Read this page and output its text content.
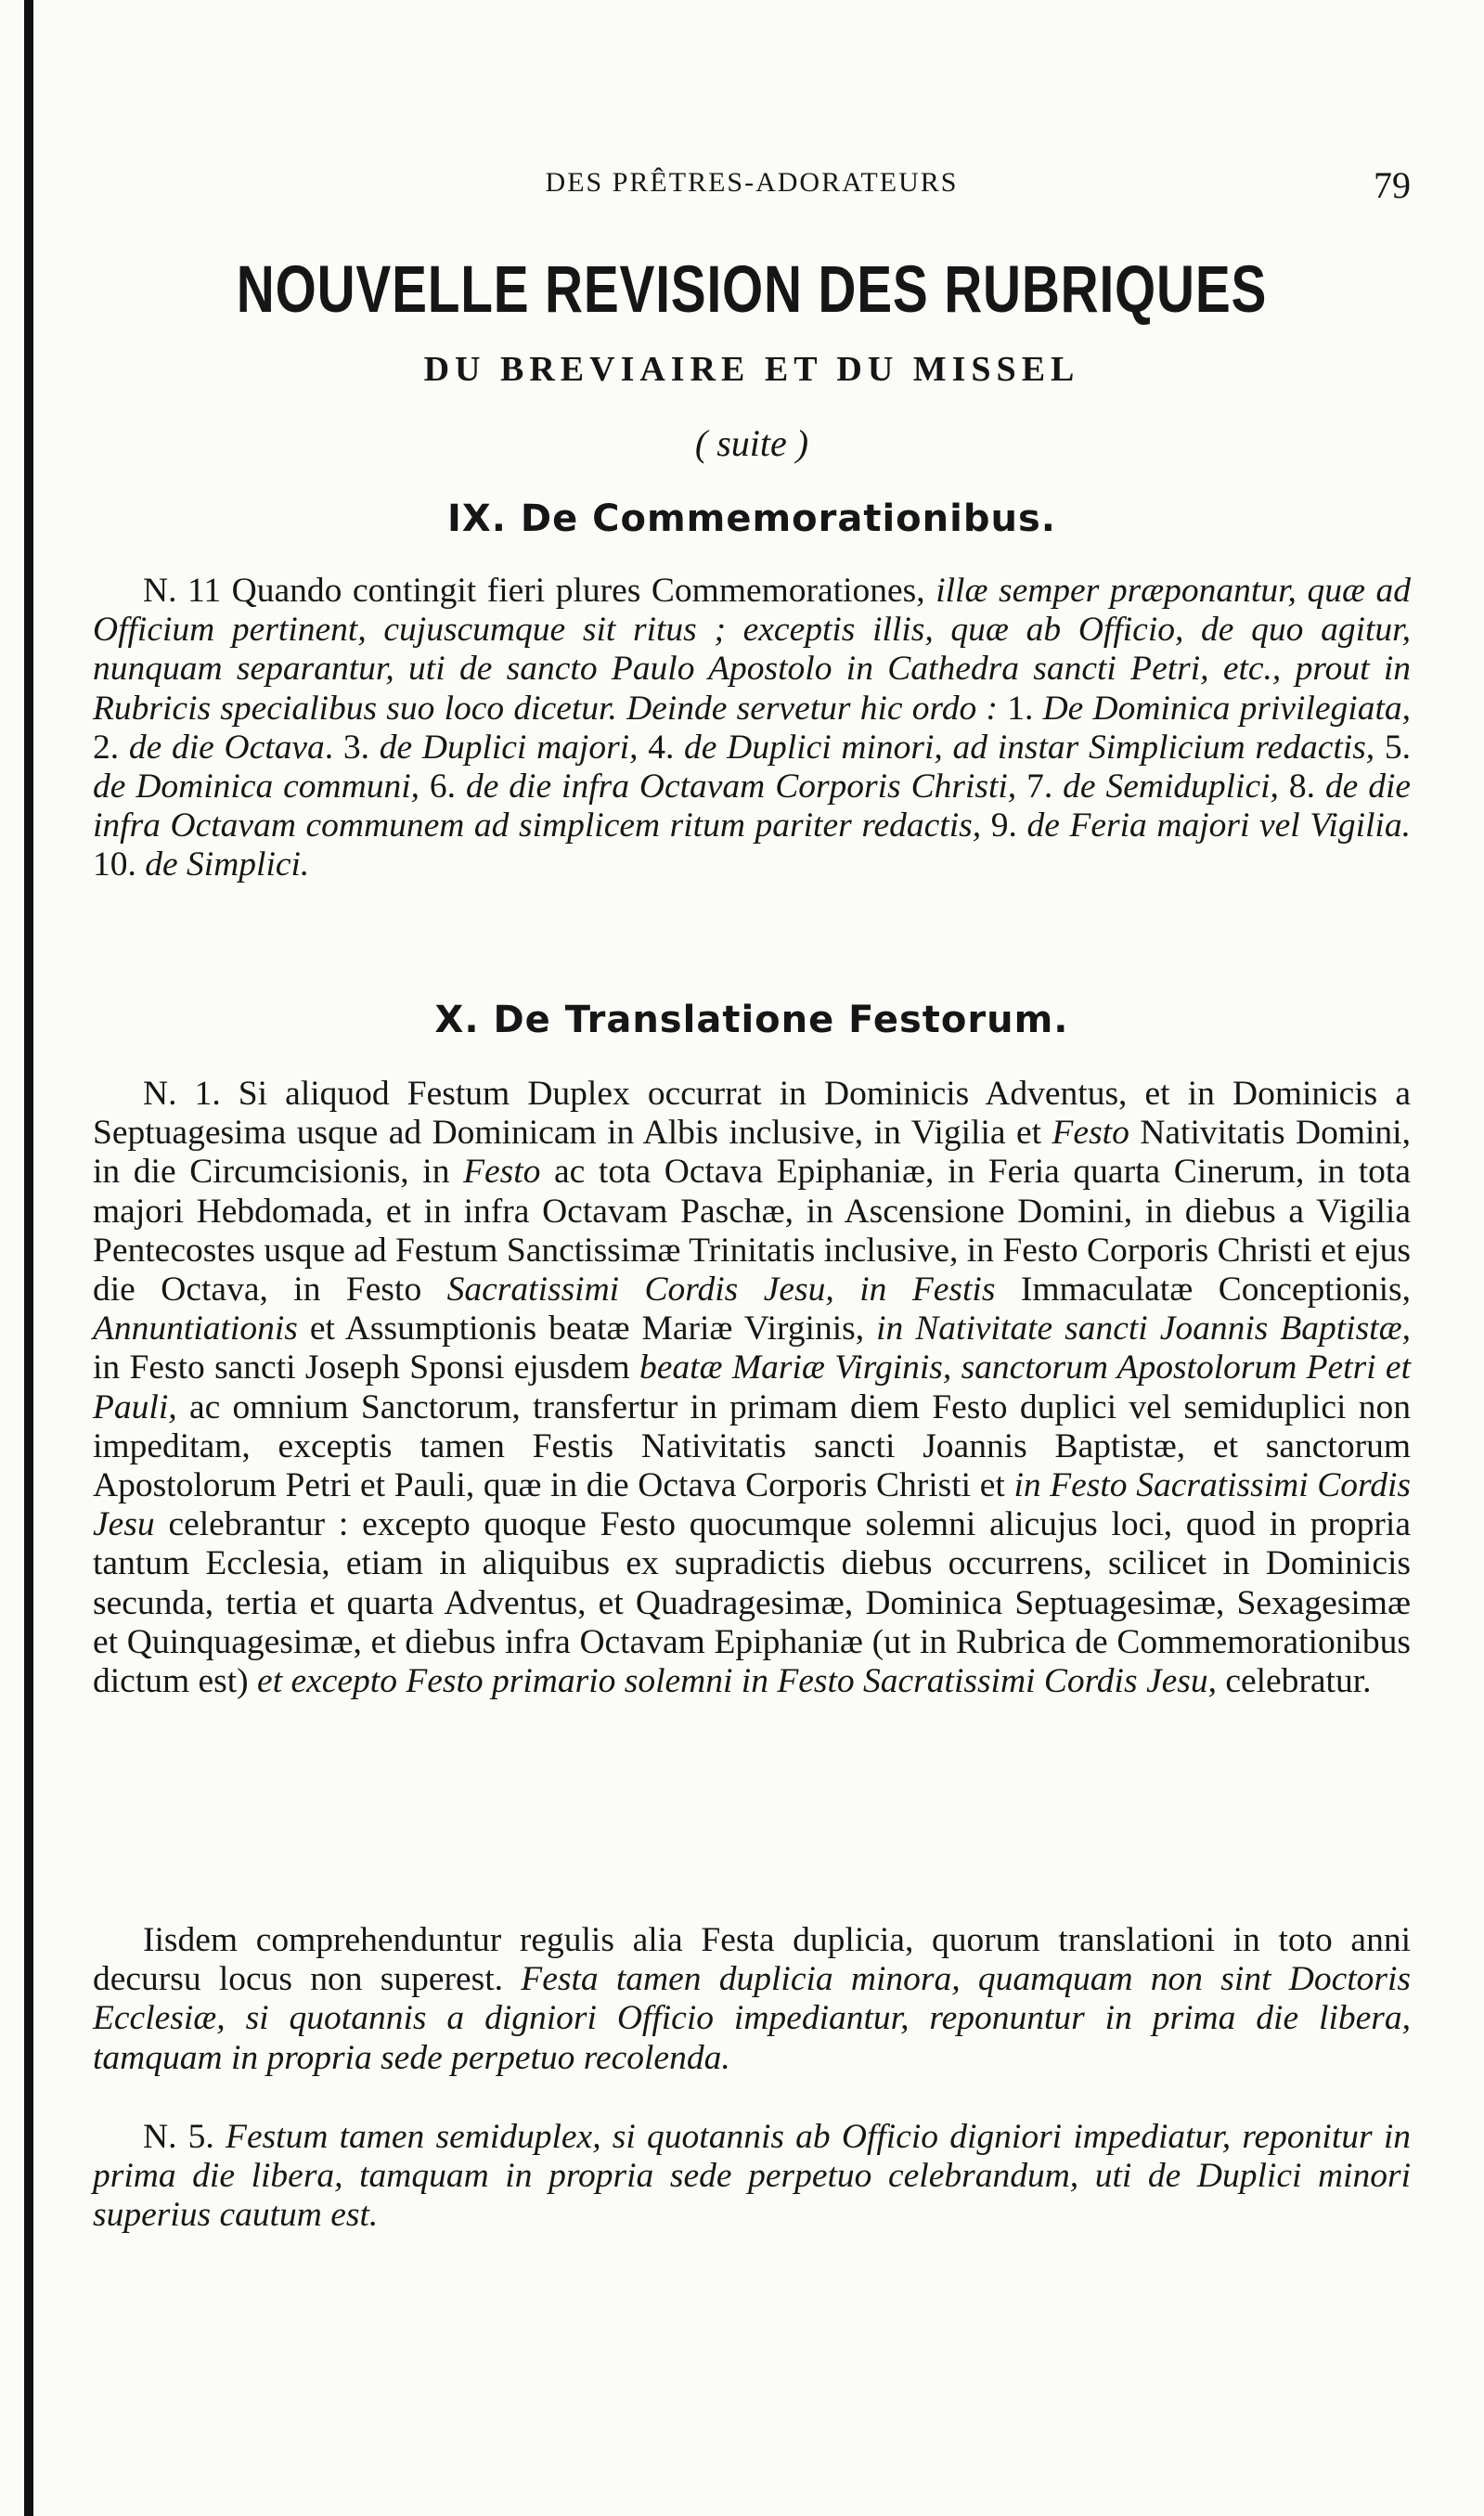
DES PRÊTRES-ADORATEURS	79
NOUVELLE REVISION DES RUBRIQUES
DU BREVIAIRE ET DU MISSEL
( suite )
IX. De Commemorationibus.

N. 11 Quando contingit fieri plures Commemorationes, illæ semper præponantur, quæ ad Officium pertinent, cujuscumque sit ritus ; exceptis illis, quæ ab Officio, de quo agitur, nunquam separantur, uti de sancto Paulo Apostolo in Cathedra sancti Petri, etc., prout in Rubricis specialibus suo loco dicetur. Deinde servetur hic ordo : 1. De Dominica privilegiata, 2. de die Octava. 3. de Duplici majori, 4. de Duplici minori, ad instar Simplicium redactis, 5. de Dominica communi, 6. de die infra Octavam Corporis Christi, 7. de Semiduplici, 8. de die infra Octavam communem ad simplicem ritum pariter redactis, 9. de Feria majori vel Vigilia. 10. de Simplici.

X. De Translatione Festorum.

N. 1. Si aliquod Festum Duplex occurrat in Dominicis Adventus, et in Dominicis a Septuagesima usque ad Dominicam in Albis inclusive, in Vigilia et Festo Nativitatis Domini, in die Circumcisionis, in Festo ac tota Octava Epiphaniæ, in Feria quarta Cinerum, in tota majori Hebdomada, et in infra Octavam Paschæ, in Ascensione Domini, in diebus a Vigilia Pentecostes usque ad Festum Sanctissimæ Trinitatis inclusive, in Festo Corporis Christi et ejus die Octava, in Festo Sacratissimi Cordis Jesu, in Festis Immaculatæ Conceptionis, Annuntiationis et Assumptionis beatæ Mariæ Virginis, in Nativitate sancti Joannis Baptistæ, in Festo sancti Joseph Sponsi ejusdem beatæ Mariæ Virginis, sanctorum Apostolorum Petri et Pauli, ac omnium Sanctorum, transfertur in primam diem Festo duplici vel semiduplici non impeditam, exceptis tamen Festis Nativitatis sancti Joannis Baptistæ, et sanctorum Apostolorum Petri et Pauli, quæ in die Octava Corporis Christi et in Festo Sacratissimi Cordis Jesu celebrantur : excepto quoque Festo quocumque solemni alicujus loci, quod in propria tantum Ecclesia, etiam in aliquibus ex supradictis diebus occurrens, scilicet in Dominicis secunda, tertia et quarta Adventus, et Quadragesimæ, Dominica Septuagesimæ, Sexagesimæ et Quinquagesimæ, et diebus infra Octavam Epiphaniæ (ut in Rubrica de Commemorationibus dictum est) et excepto Festo primario solemni in Festo Sacratissimi Cordis Jesu, celebratur.

Iisdem comprehenduntur regulis alia Festa duplicia, quorum translationi in toto anni decursu locus non superest. Festa tamen duplicia minora, quamquam non sint Doctoris Ecclesiæ, si quotannis a digniori Officio impediantur, reponuntur in prima die libera, tamquam in propria sede perpetuo recolenda.

N. 5. Festum tamen semiduplex, si quotannis ab Officio digniori impediatur, reponitur in prima die libera, tamquam in propria sede perpetuo celebrandum, uti de Duplici minori superius cautum est.
